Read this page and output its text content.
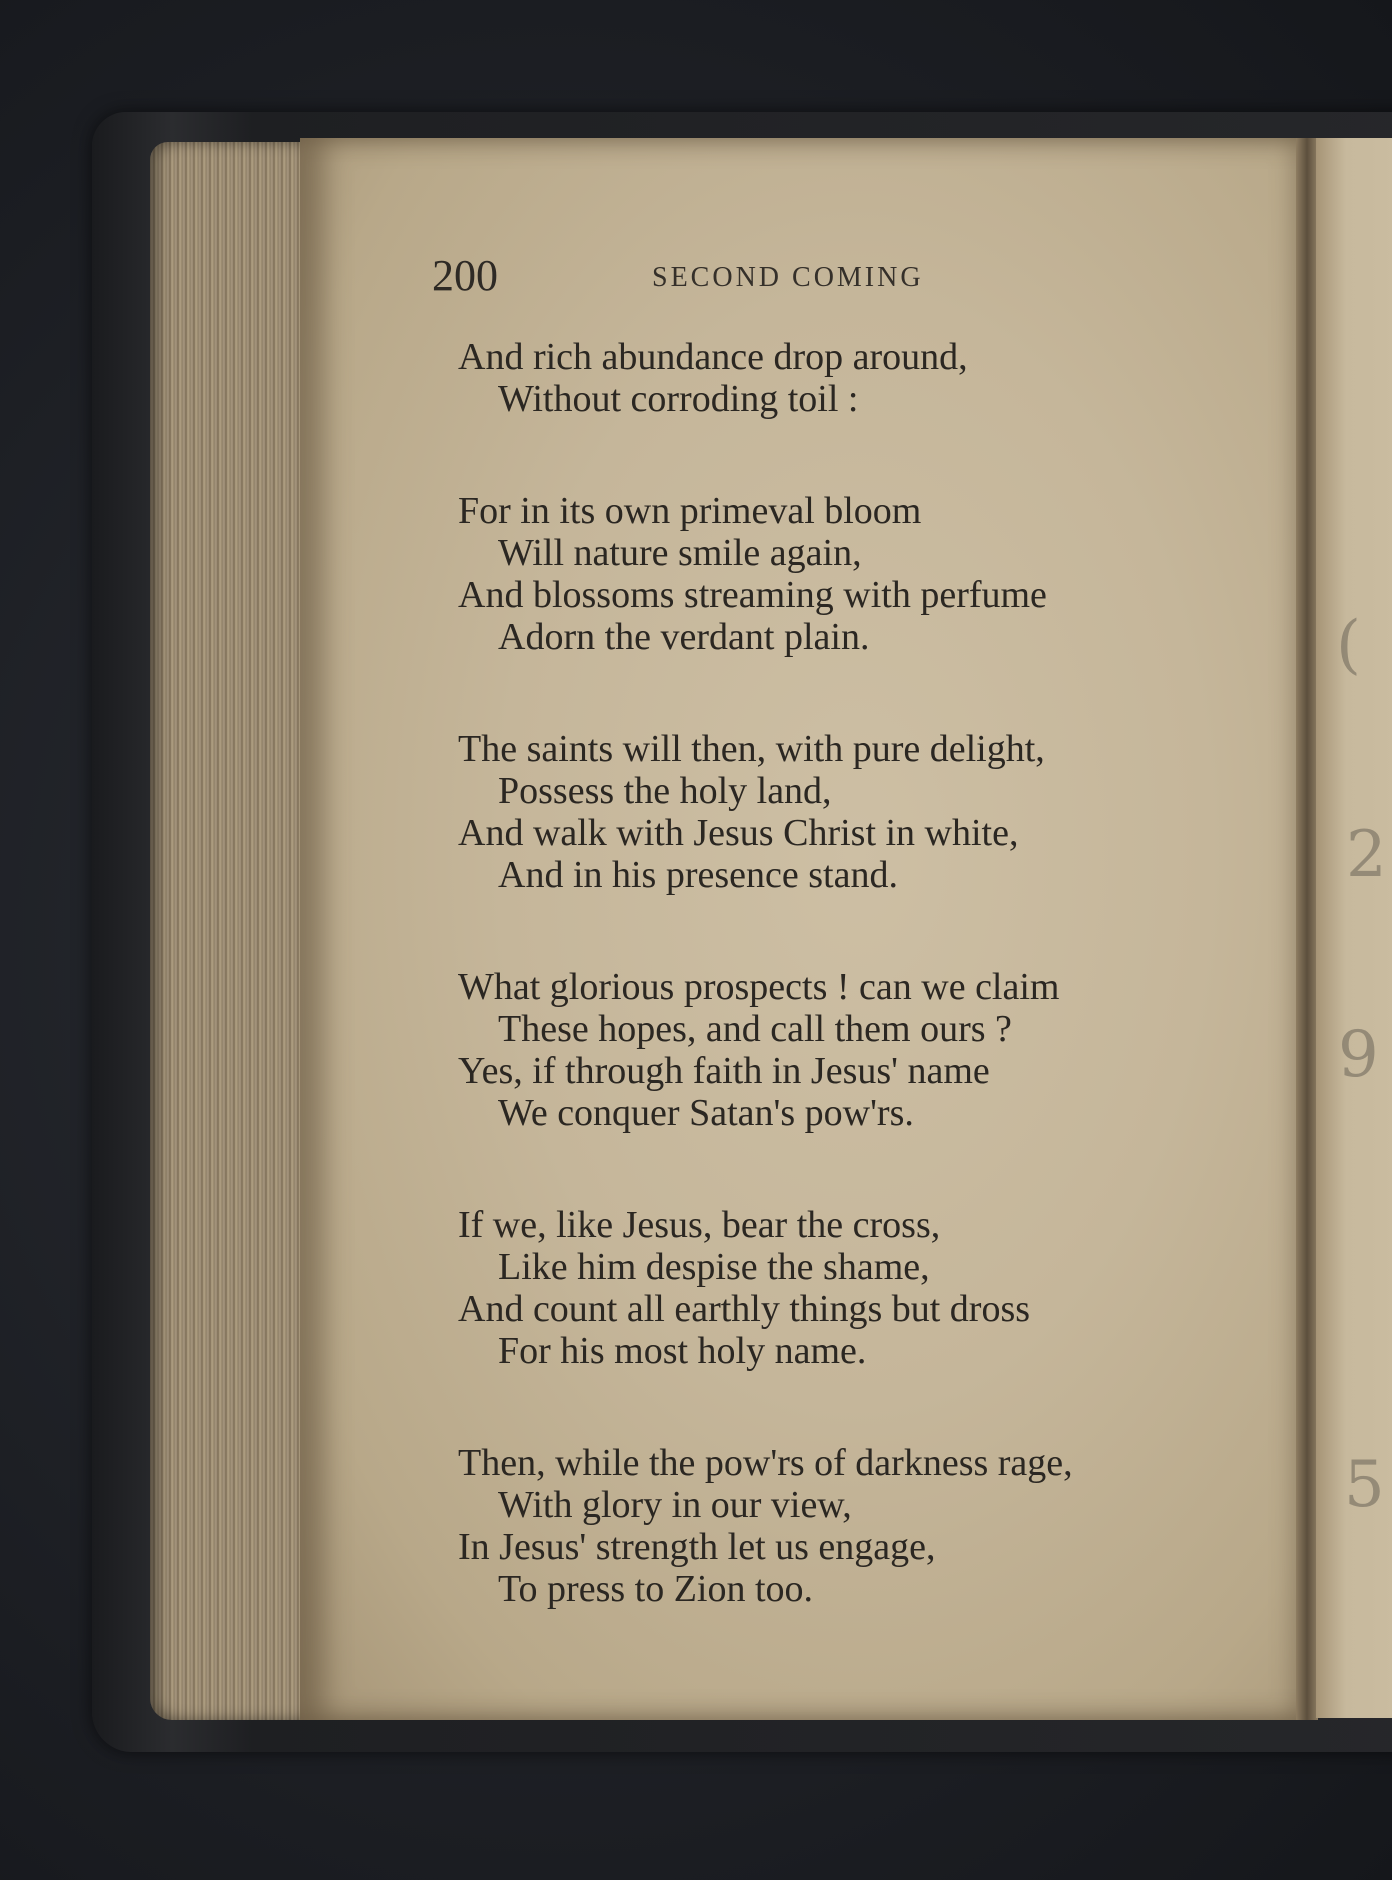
(
2
9
5
200	SECOND COMING
And rich abundance drop around,
Without corroding toil :
For in its own primeval bloom
Will nature smile again,
And blossoms streaming with perfume
Adorn the verdant plain.
The saints will then, with pure delight,
Possess the holy land,
And walk with Jesus Christ in white,
And in his presence stand.
What glorious prospects ! can we claim
These hopes, and call them ours ?
Yes, if through faith in Jesus' name
We conquer Satan's pow'rs.
If we, like Jesus, bear the cross,
Like him despise the shame,
And count all earthly things but dross
For his most holy name.
Then, while the pow'rs of darkness rage,
With glory in our view,
In Jesus' strength let us engage,
To press to Zion too.
